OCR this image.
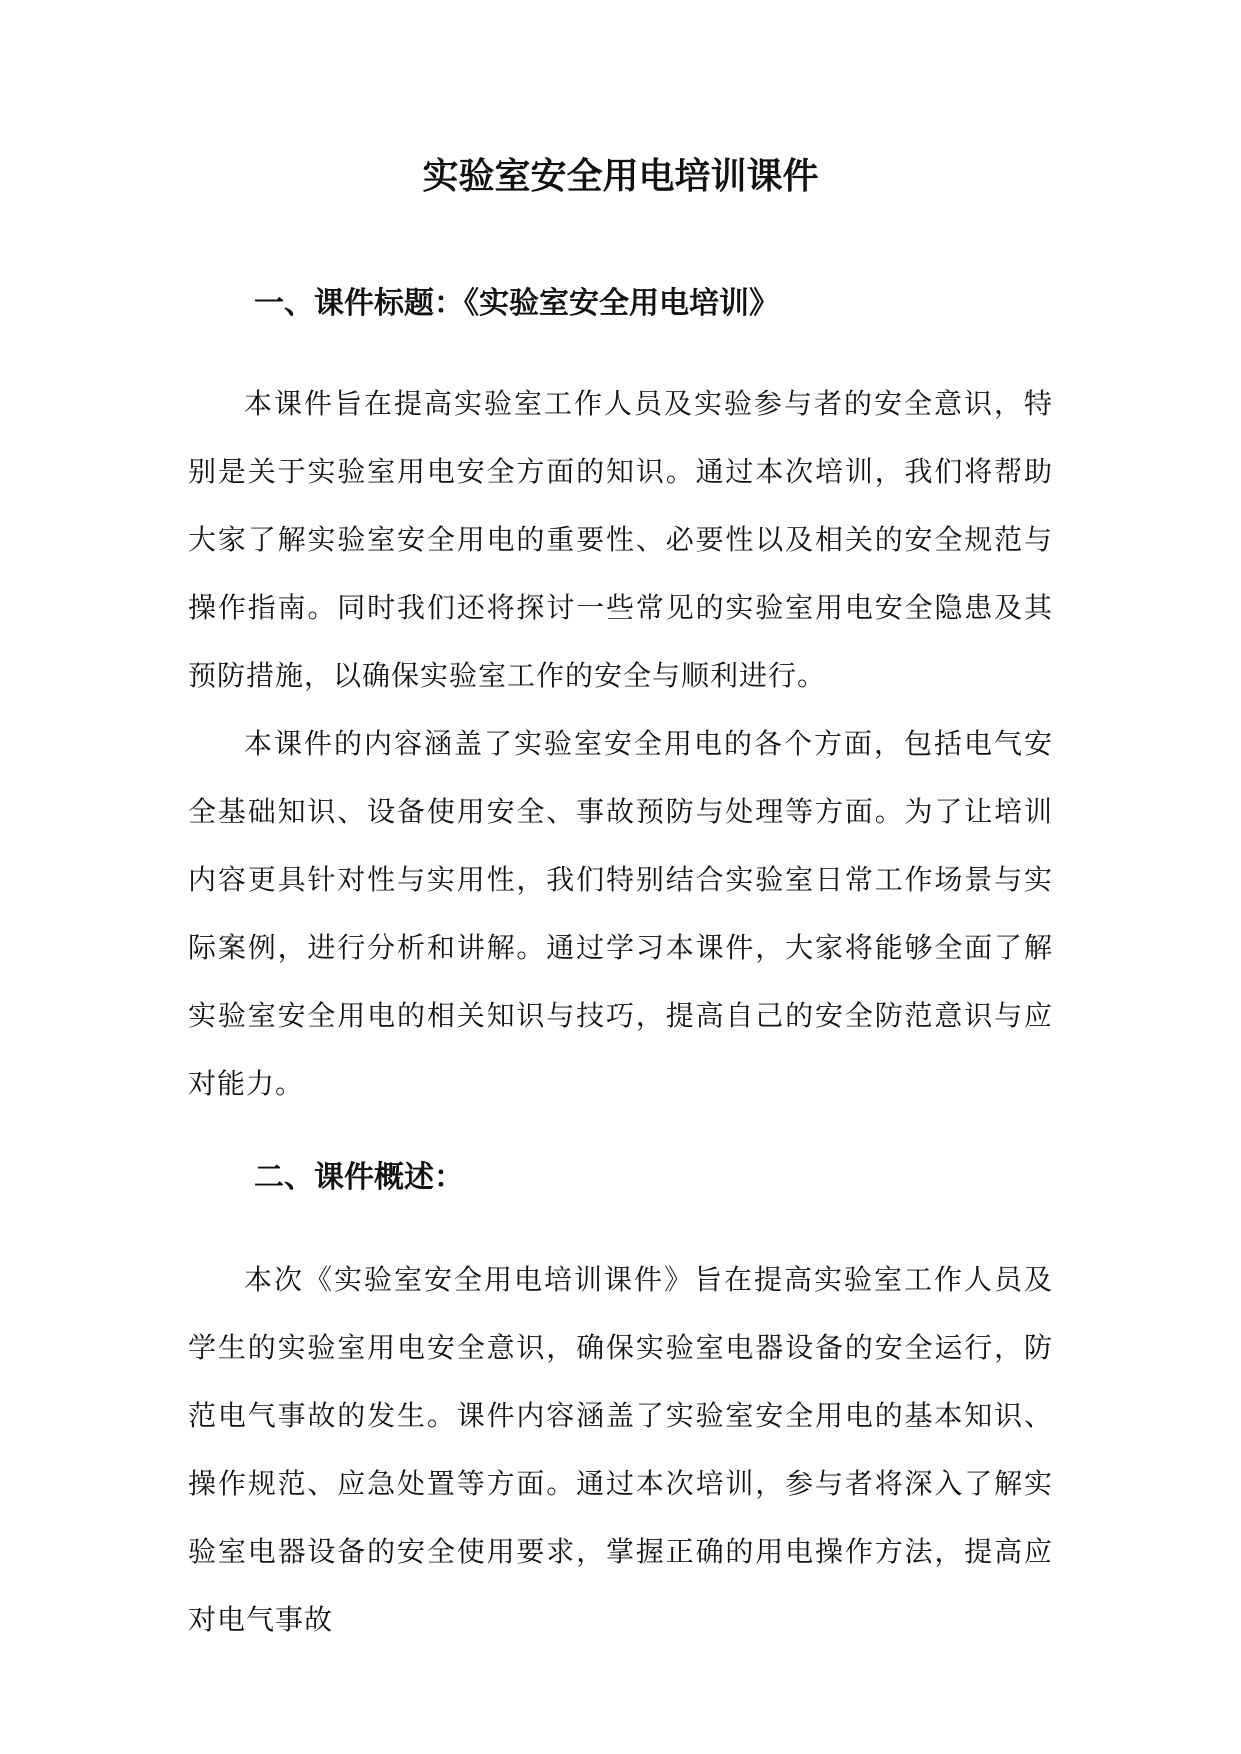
实验室安全用电培训课件
一、课件标题：《实验室安全用电培训》

本课件旨在提高实验室工作人员及实验参与者的安全意识，特别是关于实验室用电安全方面的知识。通过本次培训，我们将帮助大家了解实验室安全用电的重要性、必要性以及相关的安全规范与操作指南。同时我们还将探讨一些常见的实验室用电安全隐患及其预防措施，以确保实验室工作的安全与顺利进行。

本课件的内容涵盖了实验室安全用电的各个方面，包括电气安全基础知识、设备使用安全、事故预防与处理等方面。为了让培训内容更具针对性与实用性，我们特别结合实验室日常工作场景与实际案例，进行分析和讲解。通过学习本课件，大家将能够全面了解实验室安全用电的相关知识与技巧，提高自己的安全防范意识与应对能力。

二、课件概述：

本次《实验室安全用电培训课件》旨在提高实验室工作人员及学生的实验室用电安全意识，确保实验室电器设备的安全运行，防范电气事故的发生。课件内容涵盖了实验室安全用电的基本知识、操作规范、应急处置等方面。通过本次培训，参与者将深入了解实验室电器设备的安全使用要求，掌握正确的用电操作方法，提高应对电气事故
